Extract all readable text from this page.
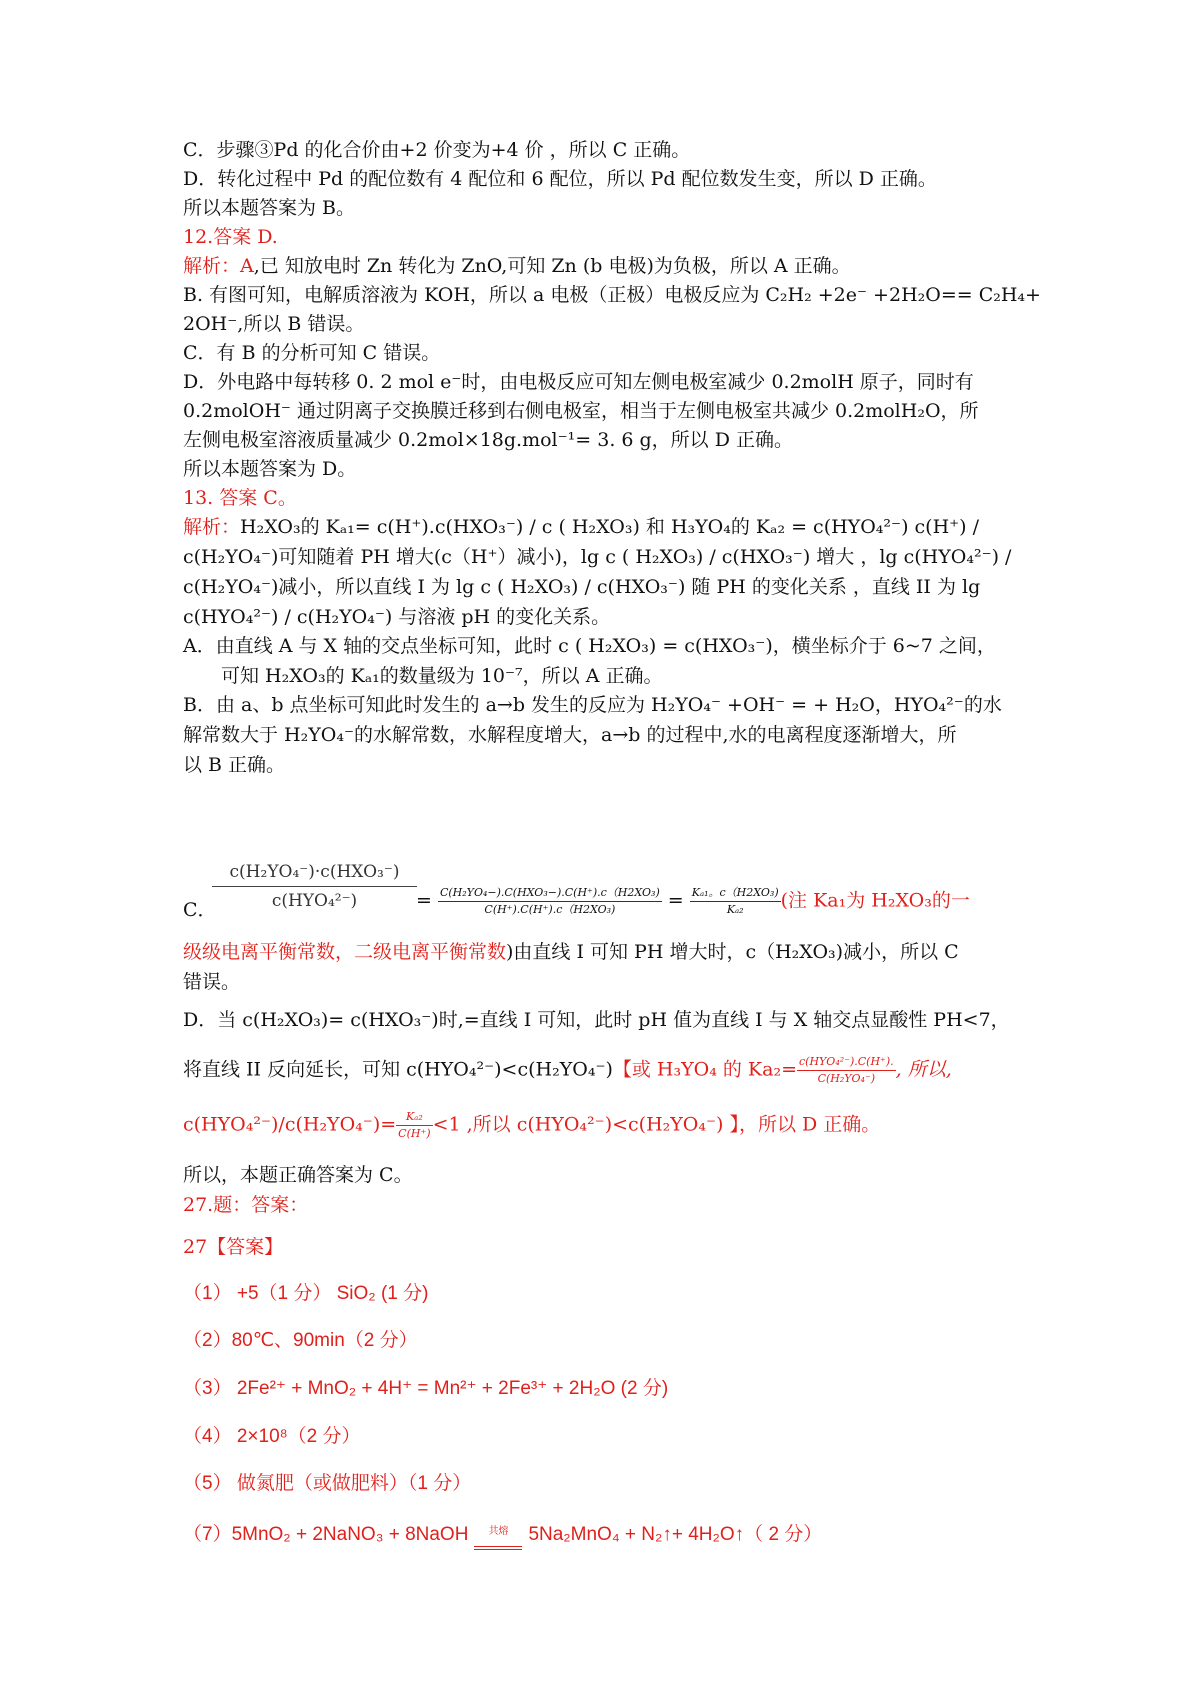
C．步骤③Pd 的化合价由+2 价变为+4 价 ，所以 C 正确。
D．转化过程中 Pd 的配位数有 4 配位和 6 配位，所以 Pd 配位数发生变，所以 D 正确。
所以本题答案为 B。
12.答案 D.
解析：A,已 知放电时 Zn 转化为 ZnO,可知 Zn (b 电极)为负极，所以 A 正确。
B. 有图可知，电解质溶液为 KOH，所以 a 电极（正极）电极反应为 C₂H₂ +2e⁻ +2H₂O== C₂H₄+
2OH⁻,所以 B 错误。
C．有 B 的分析可知 C 错误。
D．外电路中每转移 0. 2 mol e⁻时，由电极反应可知左侧电极室减少 0.2molH 原子，同时有
0.2molOH⁻ 通过阴离子交换膜迁移到右侧电极室，相当于左侧电极室共减少 0.2molH₂O，所
左侧电极室溶液质量减少 0.2mol×18g.mol⁻¹= 3. 6 g，所以 D 正确。
所以本题答案为 D。
13. 答案 C。
解析：H₂XO₃的 Kₐ₁= c(H⁺).c(HXO₃⁻) / c ( H₂XO₃) 和 H₃YO₄的 Kₐ₂ = c(HYO₄²⁻) c(H⁺) /
c(H₂YO₄⁻)可知随着 PH 增大(c（H⁺）减小)，lg c ( H₂XO₃) / c(HXO₃⁻) 增大 ，lg c(HYO₄²⁻) /
c(H₂YO₄⁻)减小，所以直线 I 为 lg c ( H₂XO₃) / c(HXO₃⁻) 随 PH 的变化关系 ，直线 II 为 lg
c(HYO₄²⁻) / c(H₂YO₄⁻) 与溶液 pH 的变化关系。
A．由直线 A 与 X 轴的交点坐标可知，此时 c ( H₂XO₃) = c(HXO₃⁻)，横坐标介于 6~7 之间，
可知 H₂XO₃的 Kₐ₁的数量级为 10⁻⁷，所以 A 正确。
B．由 a、b 点坐标可知此时发生的 a→b 发生的反应为 H₂YO₄⁻ +OH⁻ = + H₂O，HYO₄²⁻的水
解常数大于 H₂YO₄⁻的水解常数，水解程度增大，a→b 的过程中,水的电离程度逐渐增大，所
以 B 正确。
c(H₂YO₄⁻)·c(HXO₃⁻)
c(HYO₄²⁻)
C．	= $\frac{\text{C(H₂YO₄−).C(HXO₃−).C(H⁺).c（H2XO₃)}}{\text{C(H⁺).C(H⁺).c（H2XO₃)}} = \frac{\text{Kₐ₁。c（H2XO₃)}}{\text{Kₐ₂}}$ (注 Ka₁为 H₂XO₃的一
级级电离平衡常数，二级电离平衡常数)由直线 I 可知 PH 增大时，c（H₂XO₃)减小，所以 C
错误。
D．当 c(H₂XO₃)= c(HXO₃⁻)时,=直线 I 可知，此时 pH 值为直线 I 与 X 轴交点显酸性 PH<7，
将直线 II 反向延长，可知 c(HYO₄²⁻)<c(H₂YO₄⁻)【或 H₃YO₄ 的 $Ka_2= \frac{\text{c(HYO₄²⁻).C(H⁺).}}{\text{C(H₂YO₄⁻)}}$ , 所以,
$c(HYO_4^{2-})/c(H_2YO_4^-)= \frac{\text{Kₐ₂}}{C(H^+)} <1$ ,所以 c(HYO₄²⁻)<c(H₂YO₄⁻) 】，所以 D 正确。
所以，本题正确答案为 C。
27.题：答案：
27【答案】
（1） +5（1 分） SiO₂ (1 分)
（2）80℃、90min（2 分）
（3） 2Fe²⁺ + MnO₂ + 4H⁺ = Mn²⁺ + 2Fe³⁺ + 2H₂O (2 分)
（4） 2×10⁸（2 分）
（5） 做氮肥（或做肥料）（1 分）
（7）5MnO₂ + 2NaNO₃ + 8NaOH 共熔 5Na₂MnO₄ + N₂↑+ 4H₂O↑（ 2 分）
